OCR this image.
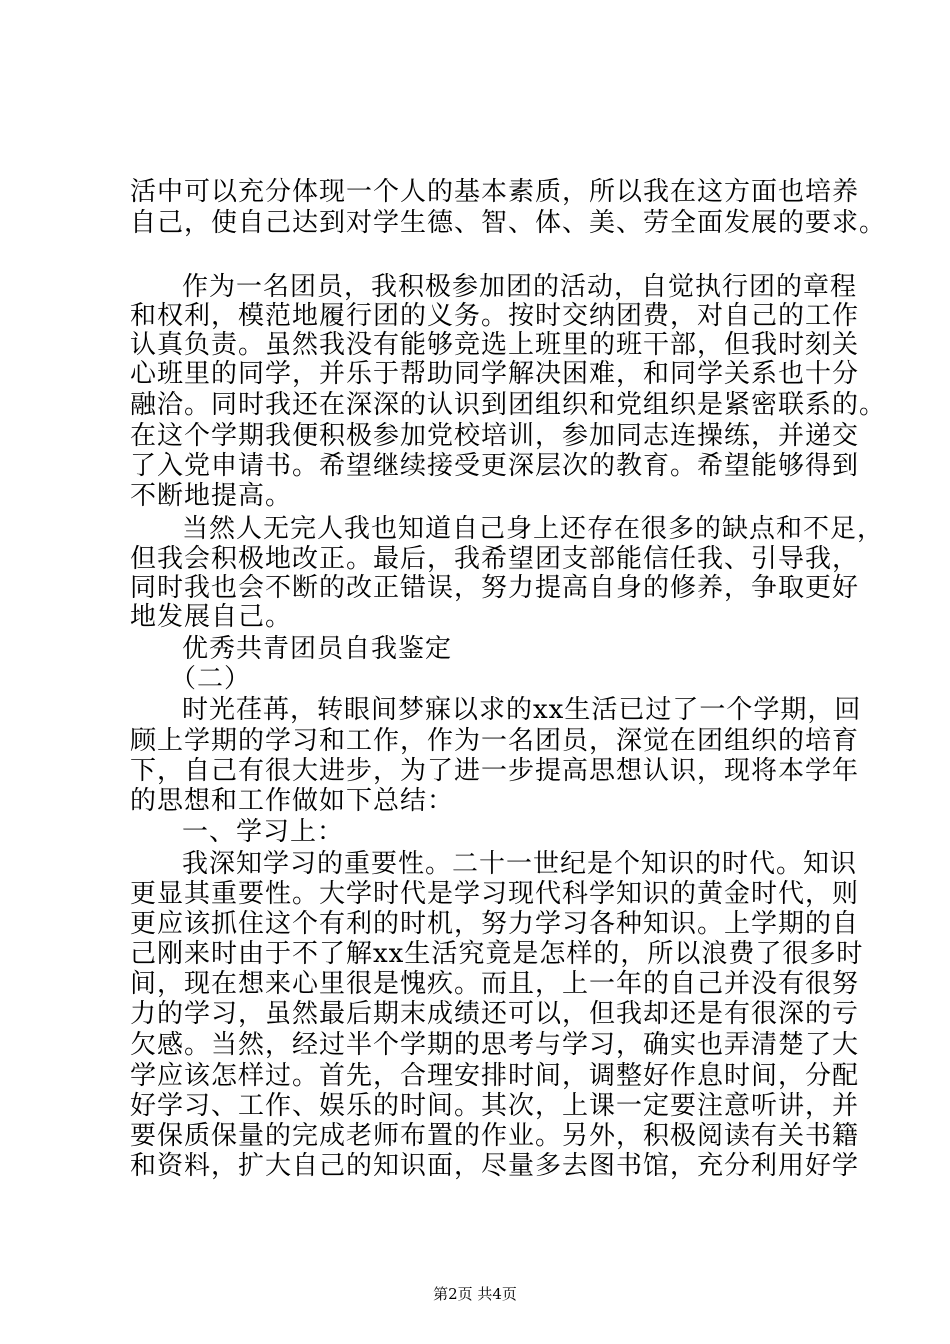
活中可以充分体现一个人的基本素质，所以我在这方面也培养
自己，使自己达到对学生德、智、体、美、劳全面发展的要求。
作为一名团员，我积极参加团的活动，自觉执行团的章程
和权利，模范地履行团的义务。按时交纳团费，对自己的工作
认真负责。虽然我没有能够竞选上班里的班干部，但我时刻关
心班里的同学，并乐于帮助同学解决困难，和同学关系也十分
融洽。同时我还在深深的认识到团组织和党组织是紧密联系的。
在这个学期我便积极参加党校培训，参加同志连操练，并递交
了入党申请书。希望继续接受更深层次的教育。希望能够得到
不断地提高。
当然人无完人我也知道自己身上还存在很多的缺点和不足，
但我会积极地改正。最后，我希望团支部能信任我、引导我，
同时我也会不断的改正错误，努力提高自身的修养，争取更好
地发展自己。
优秀共青团员自我鉴定
（二）
时光荏苒，转眼间梦寐以求的xx生活已过了一个学期，回
顾上学期的学习和工作，作为一名团员，深觉在团组织的培育
下，自己有很大进步，为了进一步提高思想认识，现将本学年
的思想和工作做如下总结：
一、学习上：
我深知学习的重要性。二十一世纪是个知识的时代。知识
更显其重要性。大学时代是学习现代科学知识的黄金时代，则
更应该抓住这个有利的时机，努力学习各种知识。上学期的自
己刚来时由于不了解xx生活究竟是怎样的，所以浪费了很多时
间，现在想来心里很是愧疚。而且，上一年的自己并没有很努
力的学习，虽然最后期末成绩还可以，但我却还是有很深的亏
欠感。当然，经过半个学期的思考与学习，确实也弄清楚了大
学应该怎样过。首先，合理安排时间，调整好作息时间，分配
好学习、工作、娱乐的时间。其次，上课一定要注意听讲，并
要保质保量的完成老师布置的作业。另外，积极阅读有关书籍
和资料，扩大自己的知识面，尽量多去图书馆，充分利用好学
第2页 共4页
